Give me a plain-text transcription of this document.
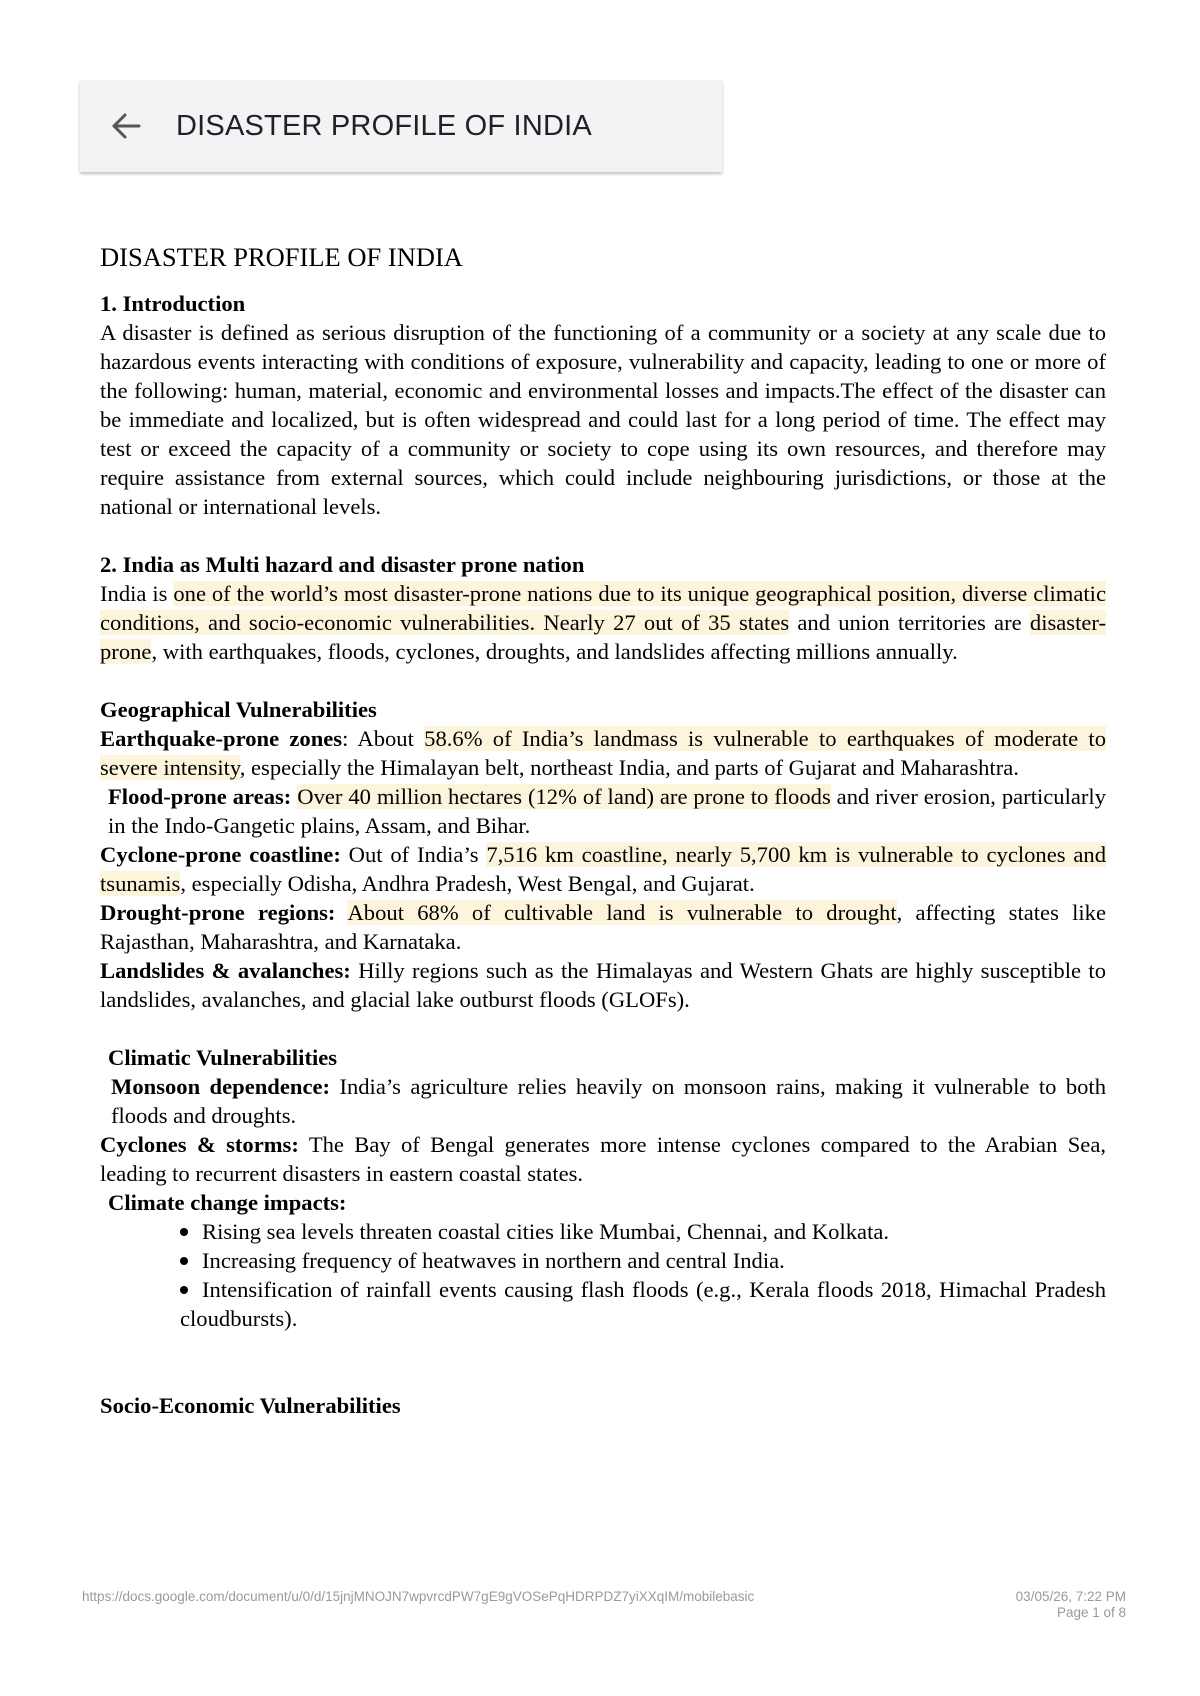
DISASTER PROFILE OF INDIA
DISASTER PROFILE OF INDIA
1. Introduction

A disaster is defined as serious disruption of the functioning of a community or a society at any scale due to hazardous events interacting with conditions of exposure, vulnerability and capacity, leading to one or more of the following: human, material, economic and environmental losses and impacts.The effect of the disaster can be immediate and localized, but is often widespread and could last for a long period of time. The effect may test or exceed the capacity of a community or society to cope using its own resources, and therefore may require assistance from external sources, which could include neighbouring jurisdictions, or those at the national or international levels.

2. India as Multi hazard and disaster prone nation

India is one of the world’s most disaster-prone nations due to its unique geographical position, diverse climatic conditions, and socio-economic vulnerabilities. Nearly 27 out of 35 states and union territories are disaster-prone, with earthquakes, floods, cyclones, droughts, and landslides affecting millions annually.

Geographical Vulnerabilities

Earthquake-prone zones: About 58.6% of India’s landmass is vulnerable to earthquakes of moderate to severe intensity, especially the Himalayan belt, northeast India, and parts of Gujarat and Maharashtra.

Flood-prone areas: Over 40 million hectares (12% of land) are prone to floods and river erosion, particularly in the Indo-Gangetic plains, Assam, and Bihar.

Cyclone-prone coastline: Out of India’s 7,516 km coastline, nearly 5,700 km is vulnerable to cyclones and tsunamis, especially Odisha, Andhra Pradesh, West Bengal, and Gujarat.

Drought-prone regions: About 68% of cultivable land is vulnerable to drought, affecting states like Rajasthan, Maharashtra, and Karnataka.

Landslides & avalanches: Hilly regions such as the Himalayas and Western Ghats are highly susceptible to landslides, avalanches, and glacial lake outburst floods (GLOFs).

Climatic Vulnerabilities

Monsoon dependence: India’s agriculture relies heavily on monsoon rains, making it vulnerable to both floods and droughts.

Cyclones & storms: The Bay of Bengal generates more intense cyclones compared to the Arabian Sea, leading to recurrent disasters in eastern coastal states.

Climate change impacts:
Rising sea levels threaten coastal cities like Mumbai, Chennai, and Kolkata.
Increasing frequency of heatwaves in northern and central India.
Intensification of rainfall events causing flash floods (e.g., Kerala floods 2018, Himachal Pradesh cloudbursts).
Socio-Economic Vulnerabilities
https://docs.google.com/document/u/0/d/15jnjMNOJN7wpvrcdPW7gE9gVOSePqHDRPDZ7yiXXqIM/mobilebasic	03/05/26, 7:22 PM
Page 1 of 8
